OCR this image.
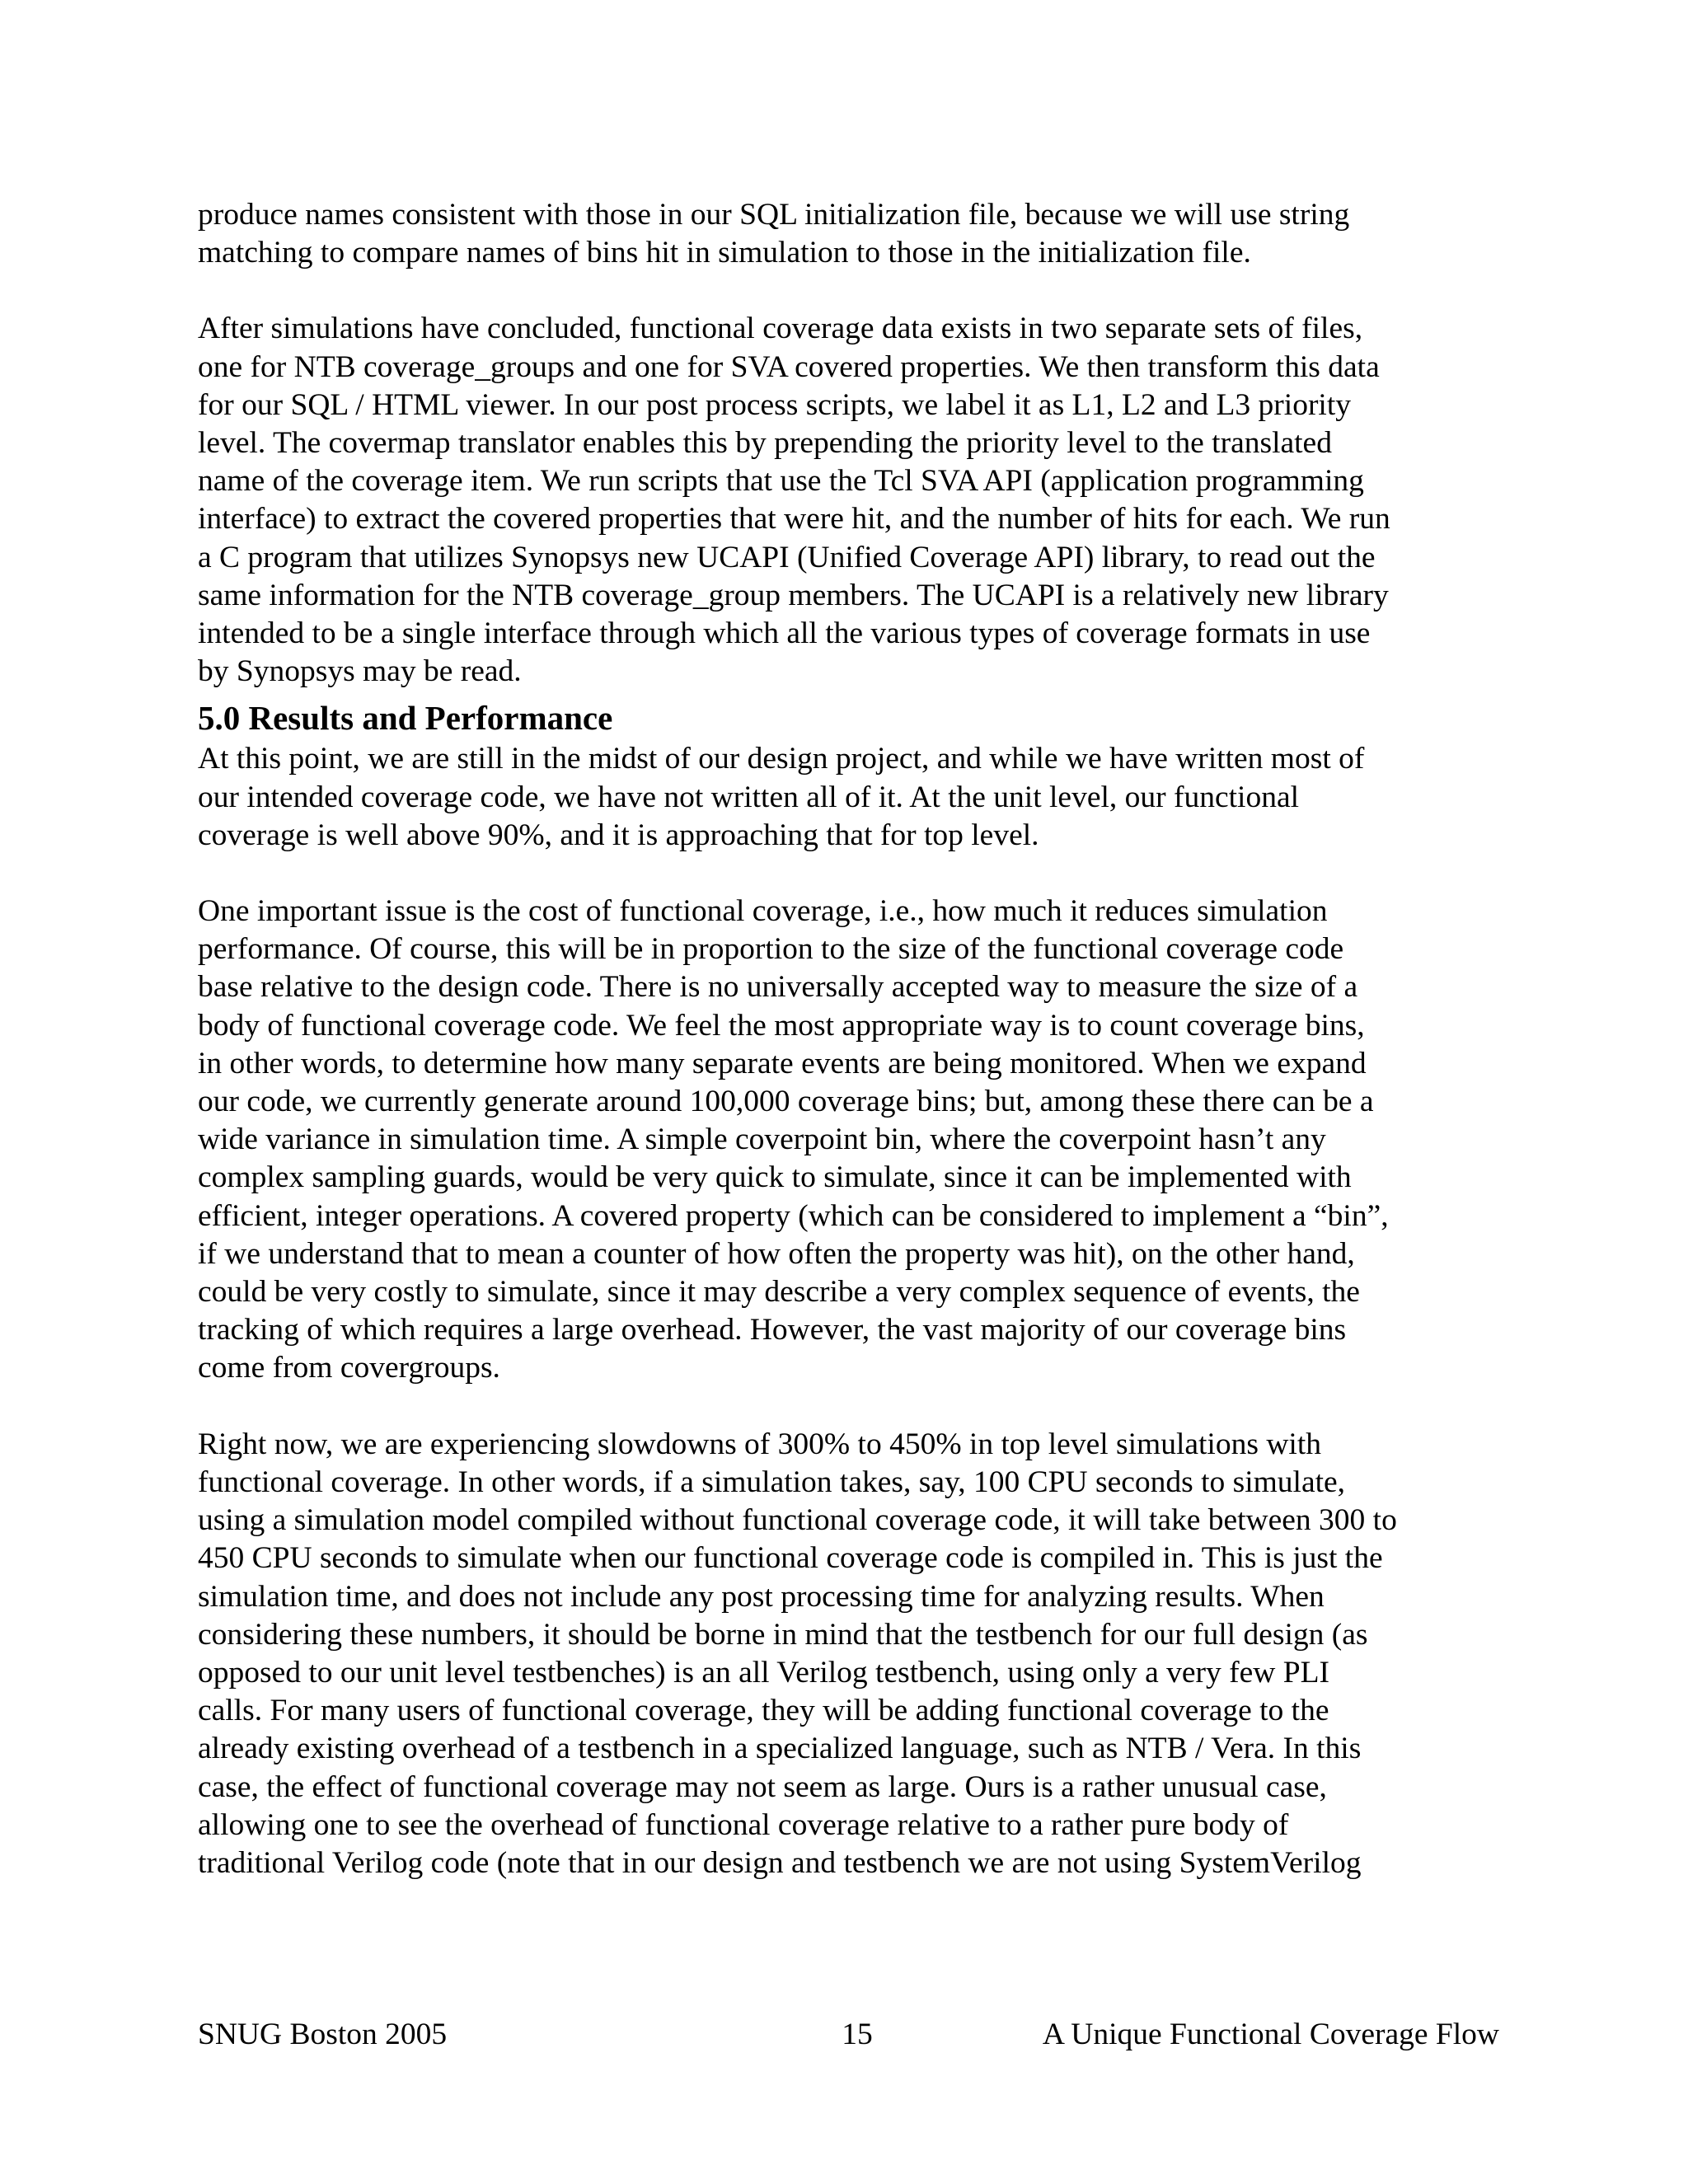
produce names consistent with those in our SQL initialization file, because we will use string
matching to compare names of bins hit in simulation to those in the initialization file.

After simulations have concluded, functional coverage data exists in two separate sets of files,
one for NTB coverage_groups and one for SVA covered properties. We then transform this data
for our SQL / HTML viewer. In our post process scripts, we label it as L1, L2 and L3 priority
level. The covermap translator enables this by prepending the priority level to the translated
name of the coverage item. We run scripts that use the Tcl SVA API (application programming
interface) to extract the covered properties that were hit, and the number of hits for each. We run
a C program that utilizes Synopsys new UCAPI (Unified Coverage API) library, to read out the
same information for the NTB coverage_group members. The UCAPI is a relatively new library
intended to be a single interface through which all the various types of coverage formats in use
by Synopsys may be read.

5.0 Results and Performance

At this point, we are still in the midst of our design project, and while we have written most of
our intended coverage code, we have not written all of it. At the unit level, our functional
coverage is well above 90%, and it is approaching that for top level.

One important issue is the cost of functional coverage, i.e., how much it reduces simulation
performance. Of course, this will be in proportion to the size of the functional coverage code
base relative to the design code. There is no universally accepted way to measure the size of a
body of functional coverage code. We feel the most appropriate way is to count coverage bins,
in other words, to determine how many separate events are being monitored. When we expand
our code, we currently generate around 100,000 coverage bins; but, among these there can be a
wide variance in simulation time. A simple coverpoint bin, where the coverpoint hasn’t any
complex sampling guards, would be very quick to simulate, since it can be implemented with
efficient, integer operations. A covered property (which can be considered to implement a “bin”,
if we understand that to mean a counter of how often the property was hit), on the other hand,
could be very costly to simulate, since it may describe a very complex sequence of events, the
tracking of which requires a large overhead. However, the vast majority of our coverage bins
come from covergroups.

Right now, we are experiencing slowdowns of 300% to 450% in top level simulations with
functional coverage. In other words, if a simulation takes, say, 100 CPU seconds to simulate,
using a simulation model compiled without functional coverage code, it will take between 300 to
450 CPU seconds to simulate when our functional coverage code is compiled in. This is just the
simulation time, and does not include any post processing time for analyzing results. When
considering these numbers, it should be borne in mind that the testbench for our full design (as
opposed to our unit level testbenches) is an all Verilog testbench, using only a very few PLI
calls. For many users of functional coverage, they will be adding functional coverage to the
already existing overhead of a testbench in a specialized language, such as NTB / Vera. In this
case, the effect of functional coverage may not seem as large. Ours is a rather unusual case,
allowing one to see the overhead of functional coverage relative to a rather pure body of
traditional Verilog code (note that in our design and testbench we are not using SystemVerilog

SNUG Boston 2005	15	A Unique Functional Coverage Flow
